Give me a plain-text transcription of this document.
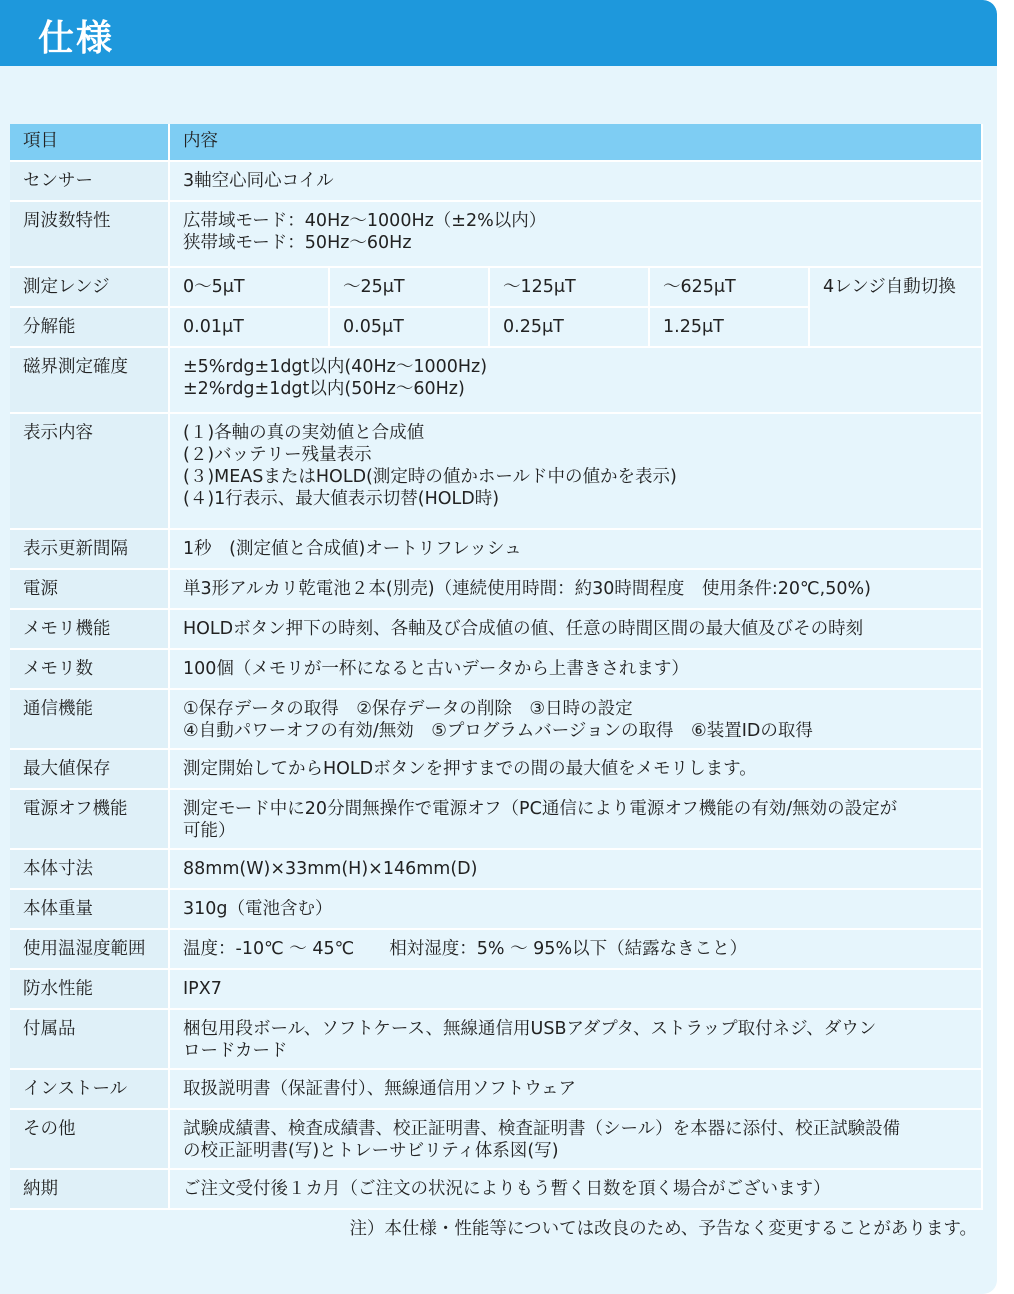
仕様
項目	内容				
センサー	3軸空心同心コイル				
周波数特性	広帯域モード：40Hz～1000Hz（±2%以内）
狭帯域モード：50Hz～60Hz				

測定レンジ	0～5μT	～25μT	～125μT	～625μT	4レンジ自動切換
分解能	0.01μT	0.05μT	0.25μT	1.25μT	
磁界測定確度	±5%rdg±1dgt以内(40Hz～1000Hz)
±2%rdg±1dgt以内(50Hz～60Hz)				

表示内容	(１)各軸の真の実効値と合成値
(２)バッテリー残量表示
(３)MEASまたはHOLD(測定時の値かホールド中の値かを表示)
(４)1行表示、最大値表示切替(HOLD時)				

表示更新間隔	1秒　(測定値と合成値)オートリフレッシュ				
電源	単3形アルカリ乾電池２本(別売)（連続使用時間：約30時間程度　使用条件:20℃,50%)				
メモリ機能	HOLDボタン押下の時刻、各軸及び合成値の値、任意の時間区間の最大値及びその時刻				
メモリ数	100個（メモリが一杯になると古いデータから上書きされます）				
通信機能	①保存データの取得　②保存データの削除　③日時の設定
④自動パワーオフの有効/無効　⑤プログラムバージョンの取得　⑥装置IDの取得				

最大値保存	測定開始してからHOLDボタンを押すまでの間の最大値をメモリします。				
電源オフ機能	測定モード中に20分間無操作で電源オフ（PC通信により電源オフ機能の有効/無効の設定が
可能）				

本体寸法	88mm(W)×33mm(H)×146mm(D)				
本体重量	310g（電池含む）				
使用温湿度範囲	温度：-10℃ ～ 45℃　　相対湿度：5% ～ 95%以下（結露なきこと）				
防水性能	IPX7				
付属品	梱包用段ボール、ソフトケース、無線通信用USBアダプタ、ストラップ取付ネジ、ダウン
ロードカード				

インストール	取扱説明書（保証書付）、無線通信用ソフトウェア				
その他	試験成績書、検査成績書、校正証明書、検査証明書（シール）を本器に添付、校正試験設備
の校正証明書(写)とトレーサビリティ体系図(写)				

納期	ご注文受付後１カ月（ご注文の状況によりもう暫く日数を頂く場合がございます）				
注）本仕様・性能等については改良のため、予告なく変更することがあります。
